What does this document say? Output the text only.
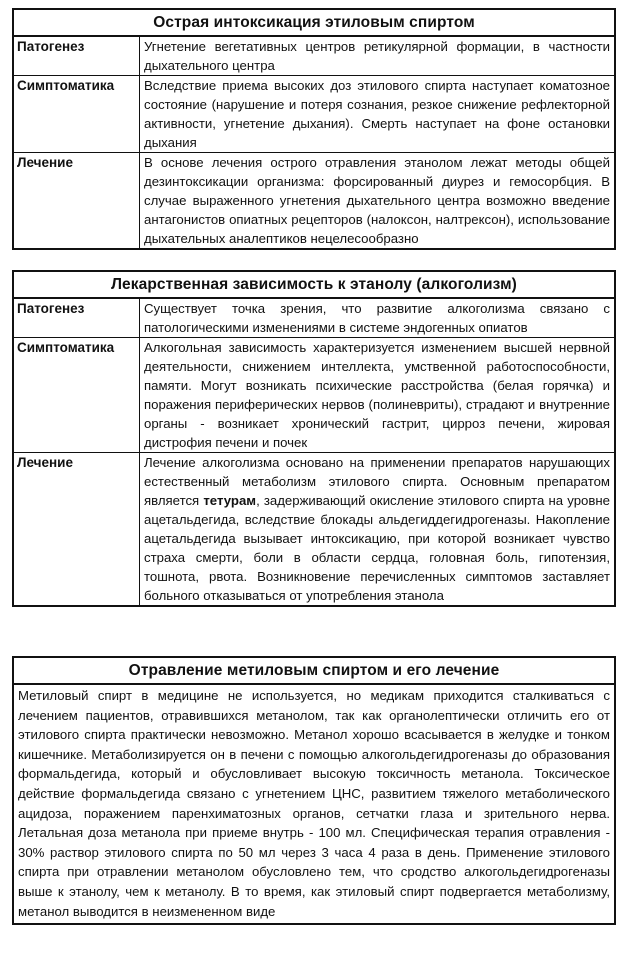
Острая интоксикация этиловым спиртом
Патогенез	Угнетение вегетативных центров ретикулярной формации, в частности дыхательного центра
Симптоматика	Вследствие приема высоких доз этилового спирта наступает коматозное состояние (нарушение и потеря сознания, резкое снижение рефлекторной активности, угнетение дыхания). Смерть наступает на фоне остановки дыхания
Лечение	В основе лечения острого отравления этанолом лежат методы общей дезинтоксикации организма: форсированный диурез и гемосорбция. В случае выраженного угнетения дыхательного центра возможно введение антагонистов опиатных рецепторов (налоксон, налтрексон), использование дыхательных аналептиков нецелесообразно
Лекарственная зависимость к этанолу (алкоголизм)
Патогенез	Существует точка зрения, что развитие алкоголизма связано с патологическими изменениями в системе эндогенных опиатов
Симптоматика	Алкогольная зависимость характеризуется изменением высшей нервной деятельности, снижением интеллекта, умственной работоспособности, памяти. Могут возникать психические расстройства (белая горячка) и поражения периферических нервов (полиневриты), страдают и внутренние органы - возникает хронический гастрит, цирроз печени, жировая дистрофия печени и почек
Лечение	Лечение алкоголизма основано на применении препаратов нарушающих естественный метаболизм этилового спирта. Основным препаратом является тетурам, задерживающий окисление этилового спирта на уровне ацетальдегида, вследствие блокады альдегиддегидрогеназы. Накопление ацетальдегида вызывает интоксикацию, при которой возникает чувство страха смерти, боли в области сердца, головная боль, гипотензия, тошнота, рвота. Возникновение перечисленных симптомов заставляет больного отказываться от употребления этанола
Отравление метиловым спиртом и его лечение
Метиловый спирт в медицине не используется, но медикам приходится сталкиваться с лечением пациентов, отравившихся метанолом, так как органолептически отличить его от этилового спирта практически невозможно. Метанол хорошо всасывается в желудке и тонком кишечнике. Метаболизируется он в печени с помощью алкогольдегидрогеназы до образования формальдегида, который и обусловливает высокую токсичность метанола. Токсическое действие формальдегида связано с угнетением ЦНС, развитием тяжелого метаболического ацидоза, поражением паренхиматозных органов, сетчатки глаза и зрительного нерва. Летальная доза метанола при приеме внутрь - 100 мл. Специфическая терапия отравления - 30% раствор этилового спирта по 50 мл через 3 часа 4 раза в день. Применение этилового спирта при отравлении метанолом обусловлено тем, что сродство алкогольдегидрогеназы выше к этанолу, чем к метанолу. В то время, как этиловый спирт подвергается метаболизму, метанол выводится в неизмененном виде
